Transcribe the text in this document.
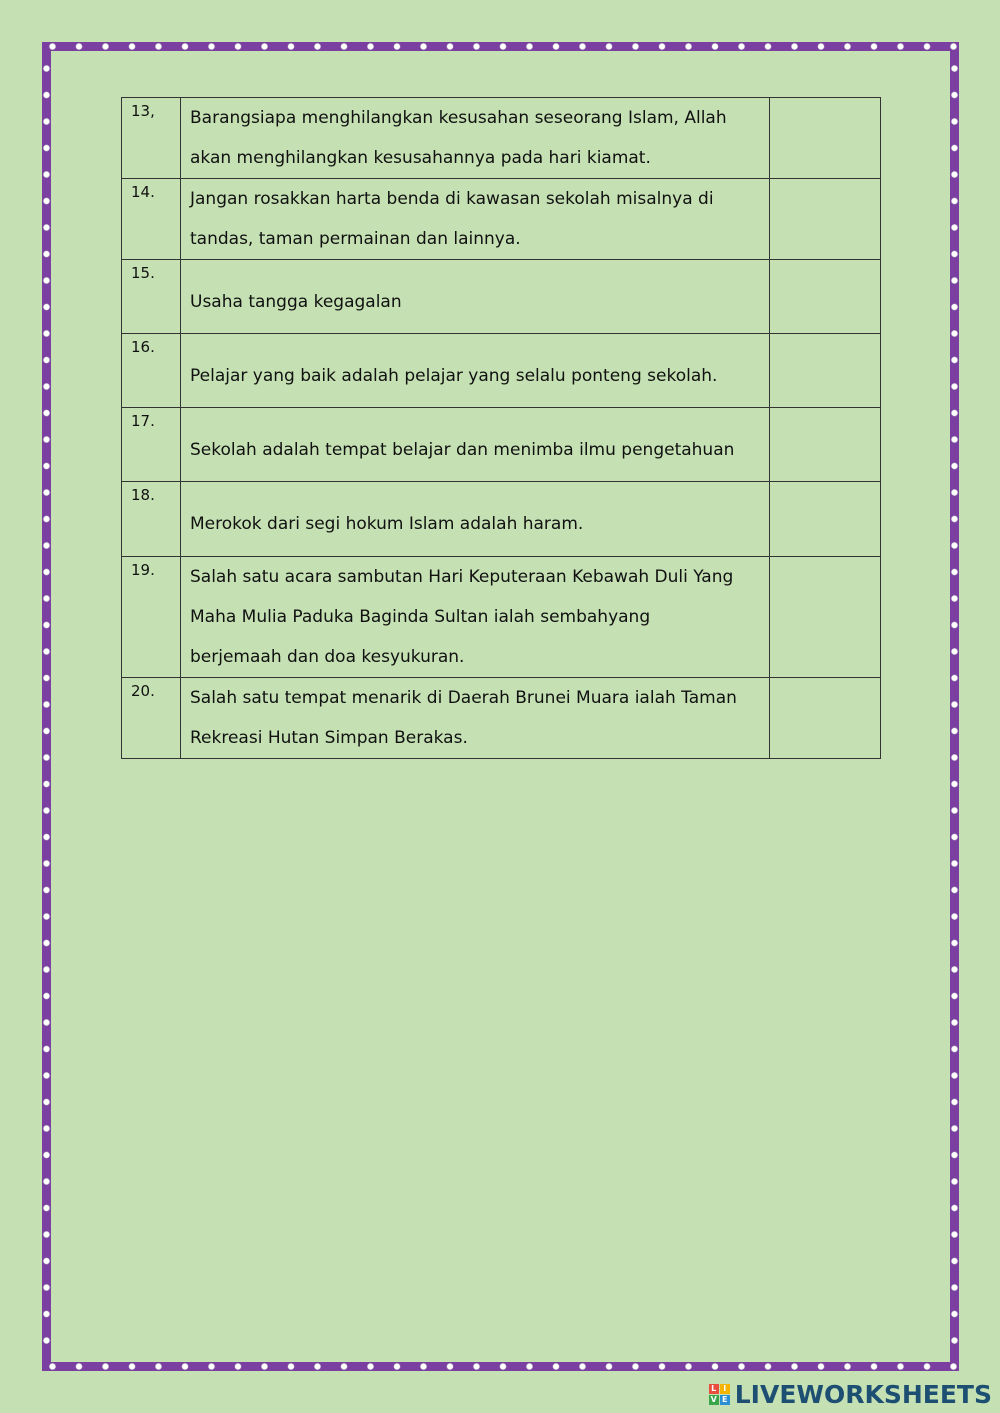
13,	Barangsiapa menghilangkan kesusahan seseorang Islam, Allah
akan menghilangkan kesusahannya pada hari kiamat.	

14.	Jangan rosakkan harta benda di kawasan sekolah misalnya di
tandas, taman permainan dan lainnya.	

15.	Usaha tangga kegagalan	

16.	Pelajar yang baik adalah pelajar yang selalu ponteng sekolah.	

17.	Sekolah adalah tempat belajar dan menimba ilmu pengetahuan	

18.	Merokok dari segi hokum Islam adalah haram.	

19.	Salah satu acara sambutan Hari Keputeraan Kebawah Duli Yang
Maha Mulia Paduka Baginda Sultan ialah sembahyang
berjemaah dan doa kesyukuran.	

20.	Salah satu tempat menarik di Daerah Brunei Muara ialah Taman
Rekreasi Hutan Simpan Berakas.	

L I
V E LIVEWORKSHEETS
